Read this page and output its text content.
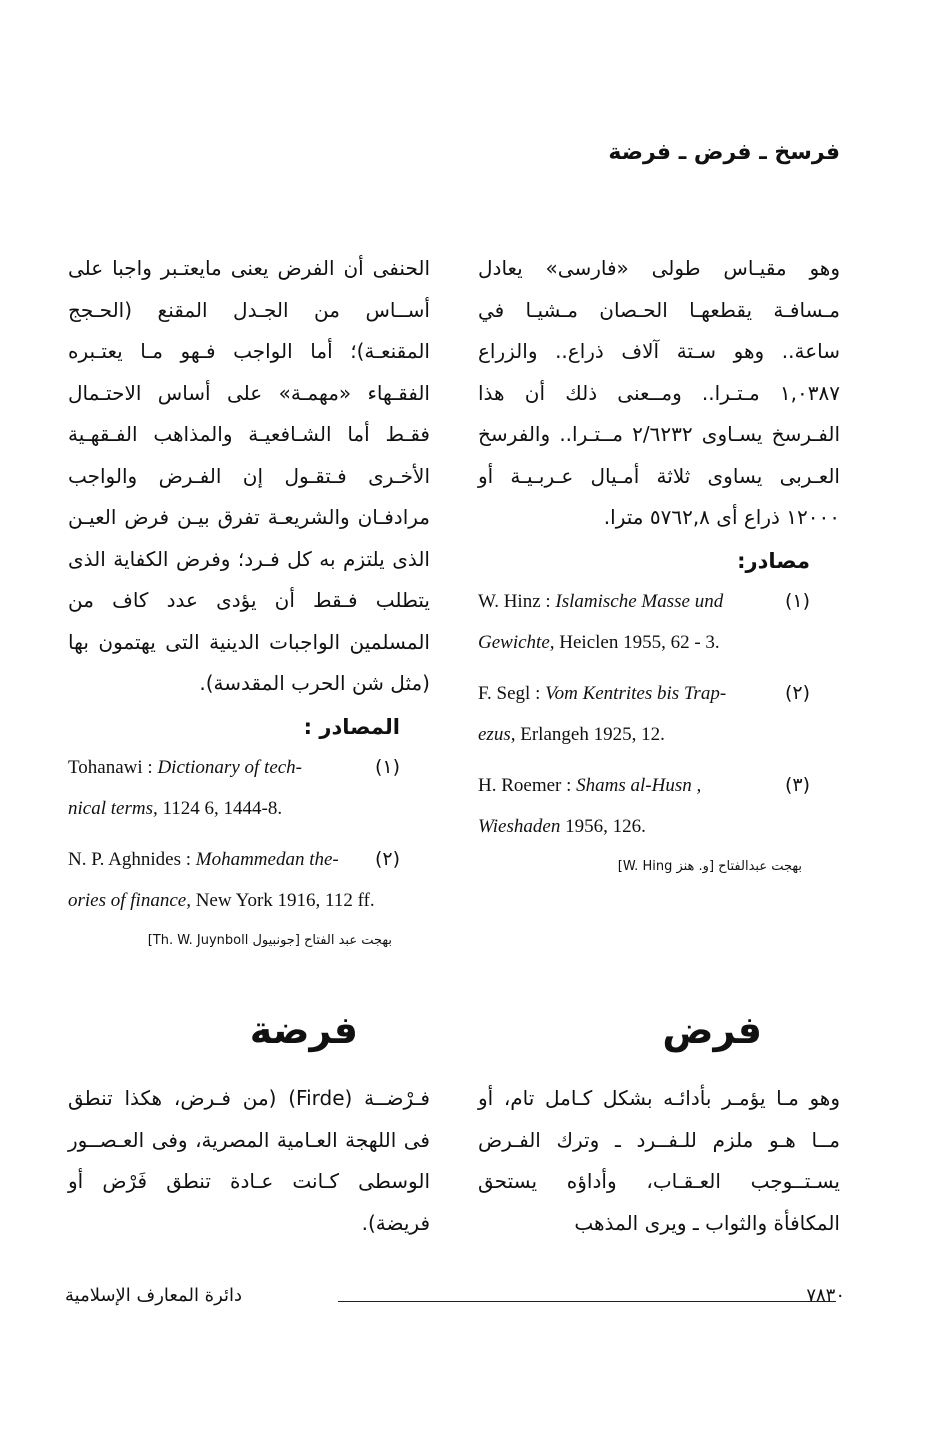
فرسخ ـ فرض ـ فرضة

وهو مقيـاس طولى «فارسى» يعادل مـسافـة يقطعهـا الحـصان مـشيـا في ساعة.. وهو سـتة آلاف ذراع.. والزراع ١,٠٣٨٧ مـتـرا.. ومــعنى ذلك أن هذا الفـرسخ يسـاوى ٢/٦٢٣٢ مــتـرا.. والفرسخ العـربى يساوى ثلاثة أمـيال عـربـيـة أو ١٢٠٠٠ ذراع أى ٥٧٦٢,٨ مترا.

مصادر:
(١)
W. Hinz : Islamische Masse und
Gewichte, Heiclen 1955, 62 - 3.
(٢)
F. Segl : Vom Kentrites bis Trap-
ezus, Erlangeh 1925, 12.
(٣)
H. Roemer : Shams al-Husn ,
Wieshaden 1956, 126.
بهجت عبدالفتاح [و. هنز W. Hing]

الحنفى أن الفرض يعنى مايعتـبر واجبا على أســاس من الجـدل المقنع (الحـجج المقنعـة)؛ أما الواجب فـهو مـا يعتـبره الفقـهاء «مهمـة» على أساس الاحتـمال فقـط أما الشـافعيـة والمذاهب الفـقهـية الأخـرى فـتقـول إن الفـرض والواجب مرادفـان والشريعـة تفرق بيـن فرض العيـن الذى يلتزم به كل فـرد؛ وفرض الكفاية الذى يتطلب فـقط أن يؤدى عدد كاف من المسلمين الواجبات الدينية التى يهتمون بها (مثل شن الحرب المقدسة).

المصادر :
(١)
Tohanawi : Dictionary of tech-
nical terms, 1124 6, 1444-8.
(٢)
N. P. Aghnides : Mohammedan the-
ories of finance, New York 1916, 112 ff.
بهجت عبد الفتاح [جونبيول Th. W. Juynboll]
فرض
فرضة

وهو مـا يؤمـر بأدائـه بشكل كـامل تام، أو مــا هـو ملزم للـفــرد ـ وترك الفـرض يسـتــوجب العـقـاب، وأداؤه يستحق المكافأة والثواب ـ ويرى المذهب

فـرْضــة (Firde) (من فـرض، هكذا تنطق فى اللهجة العـامية المصرية، وفى العـصــور الوسطى كـانت عـادة تنطق فَرْض أو فريضة).

دائرة المعارف الإسلامية	٧٨٣٠
